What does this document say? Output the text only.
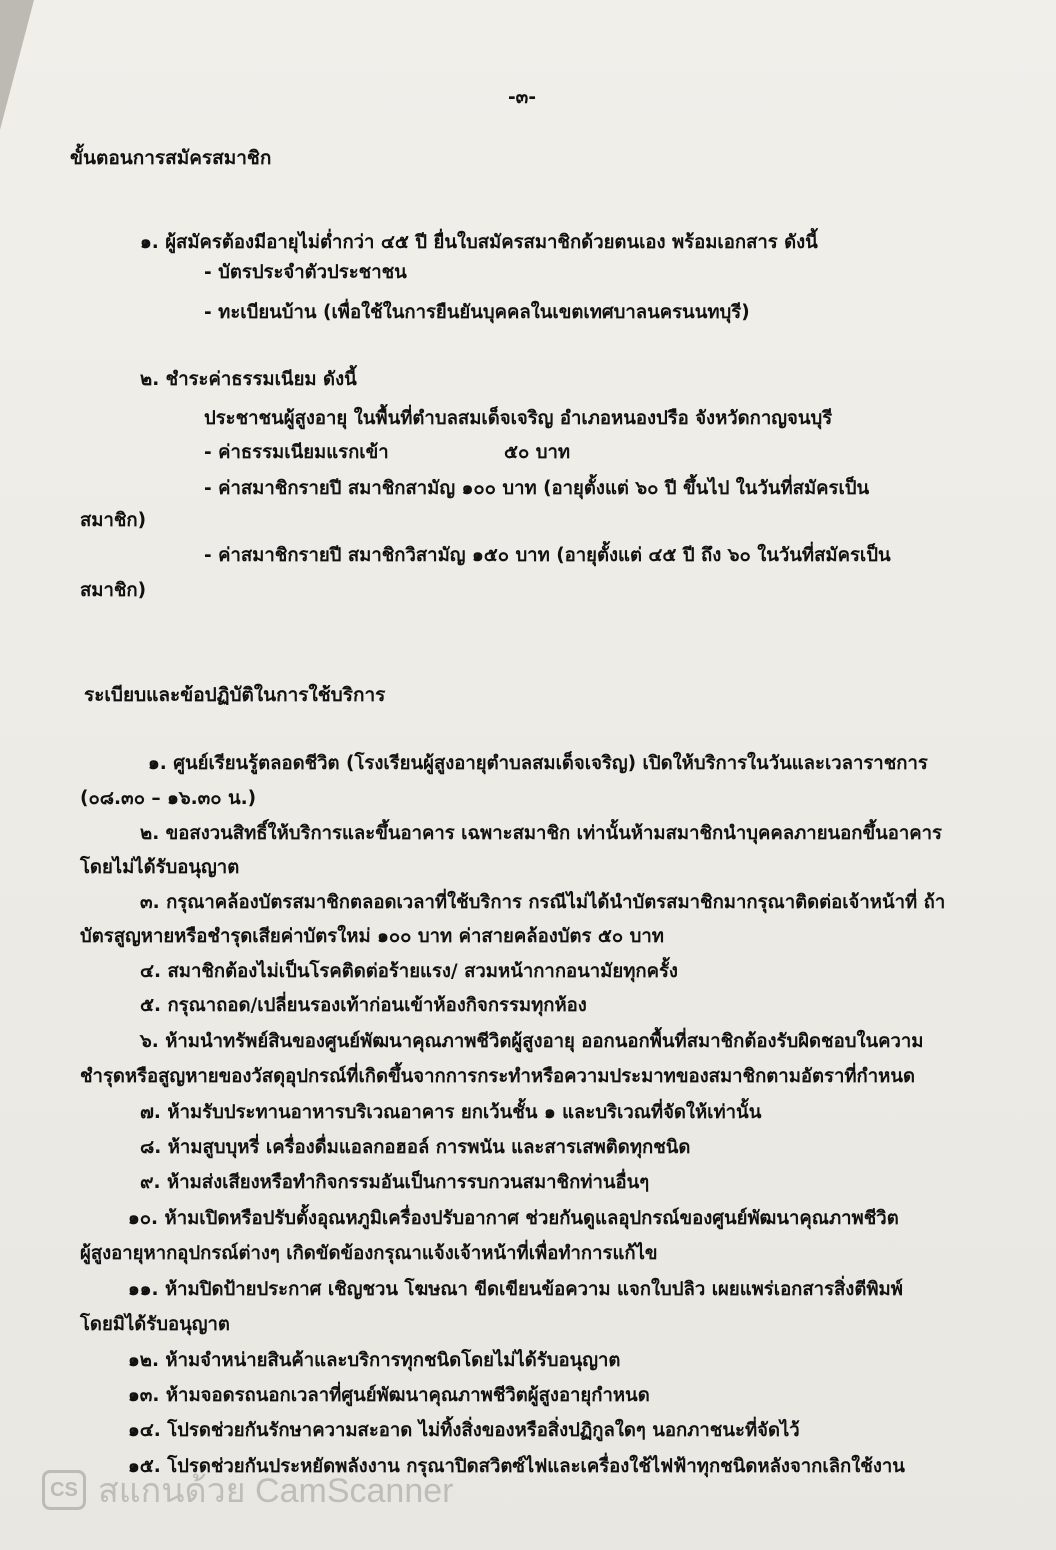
-๓-
ขั้นตอนการสมัครสมาชิก
๑. ผู้สมัครต้องมีอายุไม่ต่ำกว่า ๔๕ ปี ยื่นใบสมัครสมาชิกด้วยตนเอง พร้อมเอกสาร ดังนี้
- บัตรประจำตัวประชาชน
- ทะเบียนบ้าน (เพื่อใช้ในการยืนยันบุคคลในเขตเทศบาลนครนนทบุรี)
๒. ชำระค่าธรรมเนียม ดังนี้
ประชาชนผู้สูงอายุ ในพื้นที่ตำบลสมเด็จเจริญ อำเภอหนองปรือ จังหวัดกาญจนบุรี
- ค่าธรรมเนียมแรกเข้า	๕๐ บาท
- ค่าสมาชิกรายปี สมาชิกสามัญ ๑๐๐ บาท (อายุตั้งแต่ ๖๐ ปี ขึ้นไป ในวันที่สมัครเป็น
สมาชิก)
- ค่าสมาชิกรายปี สมาชิกวิสามัญ ๑๕๐ บาท (อายุตั้งแต่ ๔๕ ปี ถึง ๖๐ ในวันที่สมัครเป็น
สมาชิก)
ระเบียบและข้อปฏิบัติในการใช้บริการ
๑. ศูนย์เรียนรู้ตลอดชีวิต (โรงเรียนผู้สูงอายุตำบลสมเด็จเจริญ) เปิดให้บริการในวันและเวลาราชการ
(๐๘.๓๐ – ๑๖.๓๐ น.)
๒. ขอสงวนสิทธิ์ให้บริการและขึ้นอาคาร เฉพาะสมาชิก เท่านั้นห้ามสมาชิกนำบุคคลภายนอกขึ้นอาคาร
โดยไม่ได้รับอนุญาต
๓. กรุณาคล้องบัตรสมาชิกตลอดเวลาที่ใช้บริการ กรณีไม่ได้นำบัตรสมาชิกมากรุณาติดต่อเจ้าหน้าที่ ถ้า
บัตรสูญหายหรือชำรุดเสียค่าบัตรใหม่ ๑๐๐ บาท ค่าสายคล้องบัตร ๕๐ บาท
๔. สมาชิกต้องไม่เป็นโรคติดต่อร้ายแรง/ สวมหน้ากากอนามัยทุกครั้ง
๕. กรุณาถอด/เปลี่ยนรองเท้าก่อนเข้าห้องกิจกรรมทุกห้อง
๖. ห้ามนำทรัพย์สินของศูนย์พัฒนาคุณภาพชีวิตผู้สูงอายุ ออกนอกพื้นที่สมาชิกต้องรับผิดชอบในความ
ชำรุดหรือสูญหายของวัสดุอุปกรณ์ที่เกิดขึ้นจากการกระทำหรือความประมาทของสมาชิกตามอัตราที่กำหนด
๗. ห้ามรับประทานอาหารบริเวณอาคาร ยกเว้นชั้น ๑ และบริเวณที่จัดให้เท่านั้น
๘. ห้ามสูบบุหรี่ เครื่องดื่มแอลกอฮอล์ การพนัน และสารเสพติดทุกชนิด
๙. ห้ามส่งเสียงหรือทำกิจกรรมอันเป็นการรบกวนสมาชิกท่านอื่นๆ
๑๐. ห้ามเปิดหรือปรับตั้งอุณหภูมิเครื่องปรับอากาศ ช่วยกันดูแลอุปกรณ์ของศูนย์พัฒนาคุณภาพชีวิต
ผู้สูงอายุหากอุปกรณ์ต่างๆ เกิดขัดข้องกรุณาแจ้งเจ้าหน้าที่เพื่อทำการแก้ไข
๑๑. ห้ามปิดป้ายประกาศ เชิญชวน โฆษณา ขีดเขียนข้อความ แจกใบปลิว เผยแพร่เอกสารสิ่งตีพิมพ์
โดยมิได้รับอนุญาต
๑๒. ห้ามจำหน่ายสินค้าและบริการทุกชนิดโดยไม่ได้รับอนุญาต
๑๓. ห้ามจอดรถนอกเวลาที่ศูนย์พัฒนาคุณภาพชีวิตผู้สูงอายุกำหนด
๑๔. โปรดช่วยกันรักษาความสะอาด ไม่ทิ้งสิ่งของหรือสิ่งปฏิกูลใดๆ นอกภาชนะที่จัดไว้
๑๕. โปรดช่วยกันประหยัดพลังงาน กรุณาปิดสวิตซ์ไฟและเครื่องใช้ไฟฟ้าทุกชนิดหลังจากเลิกใช้งาน
CS สแกนด้วย CamScanner
